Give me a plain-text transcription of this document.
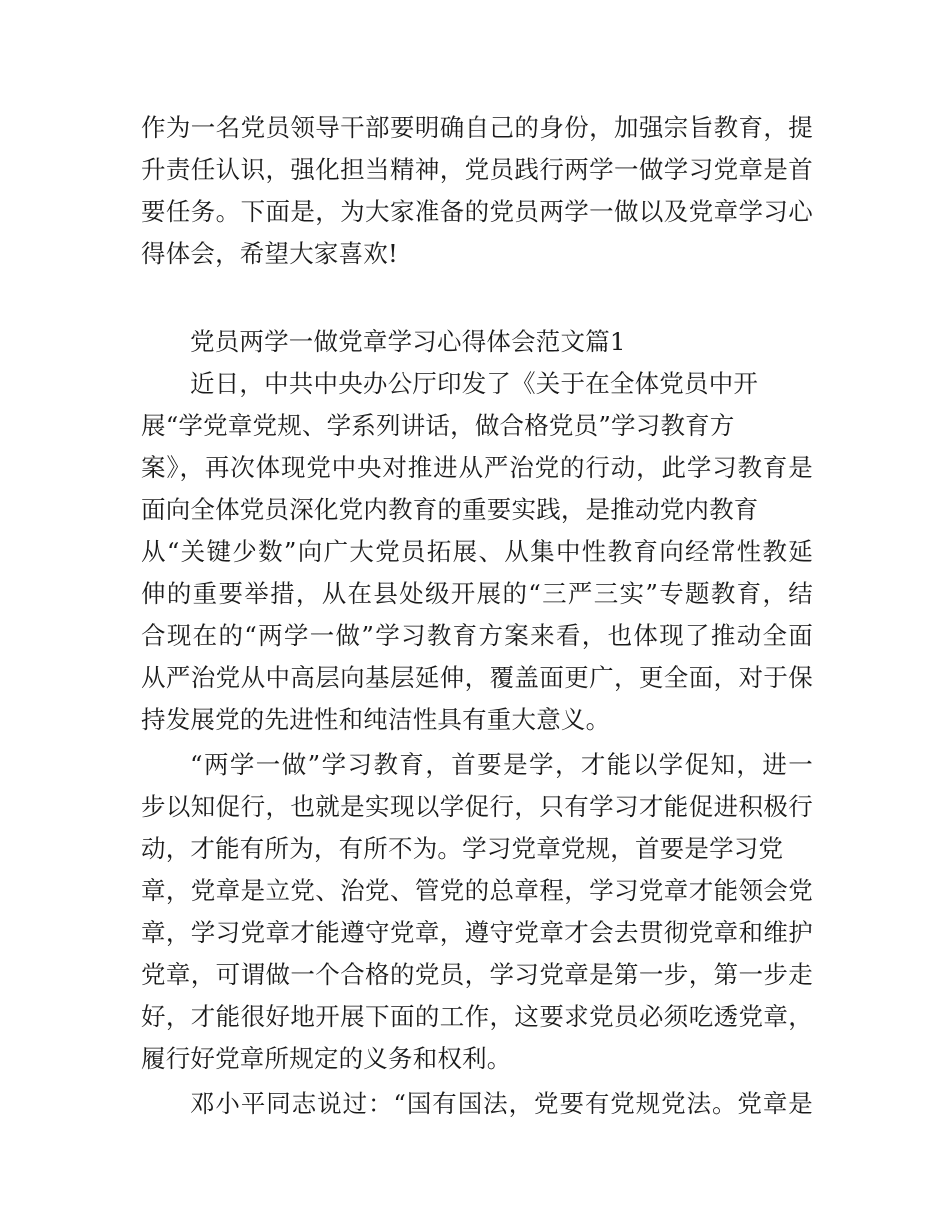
作为一名党员领导干部要明确自己的身份，加强宗旨教育，提
升责任认识，强化担当精神，党员践行两学一做学习党章是首
要任务。下面是，为大家准备的党员两学一做以及党章学习心
得体会，希望大家喜欢!
党员两学一做党章学习心得体会范文篇1
近日，中共中央办公厅印发了《关于在全体党员中开
展“学党章党规、学系列讲话，做合格党员”学习教育方
案》，再次体现党中央对推进从严治党的行动，此学习教育是
面向全体党员深化党内教育的重要实践，是推动党内教育
从“关键少数”向广大党员拓展、从集中性教育向经常性教延
伸的重要举措，从在县处级开展的“三严三实”专题教育，结
合现在的“两学一做”学习教育方案来看，也体现了推动全面
从严治党从中高层向基层延伸，覆盖面更广，更全面，对于保
持发展党的先进性和纯洁性具有重大意义。
“两学一做”学习教育，首要是学，才能以学促知，进一
步以知促行，也就是实现以学促行，只有学习才能促进积极行
动，才能有所为，有所不为。学习党章党规，首要是学习党
章，党章是立党、治党、管党的总章程，学习党章才能领会党
章，学习党章才能遵守党章，遵守党章才会去贯彻党章和维护
党章，可谓做一个合格的党员，学习党章是第一步，第一步走
好，才能很好地开展下面的工作，这要求党员必须吃透党章，
履行好党章所规定的义务和权利。
邓小平同志说过：“国有国法，党要有党规党法。党章是
